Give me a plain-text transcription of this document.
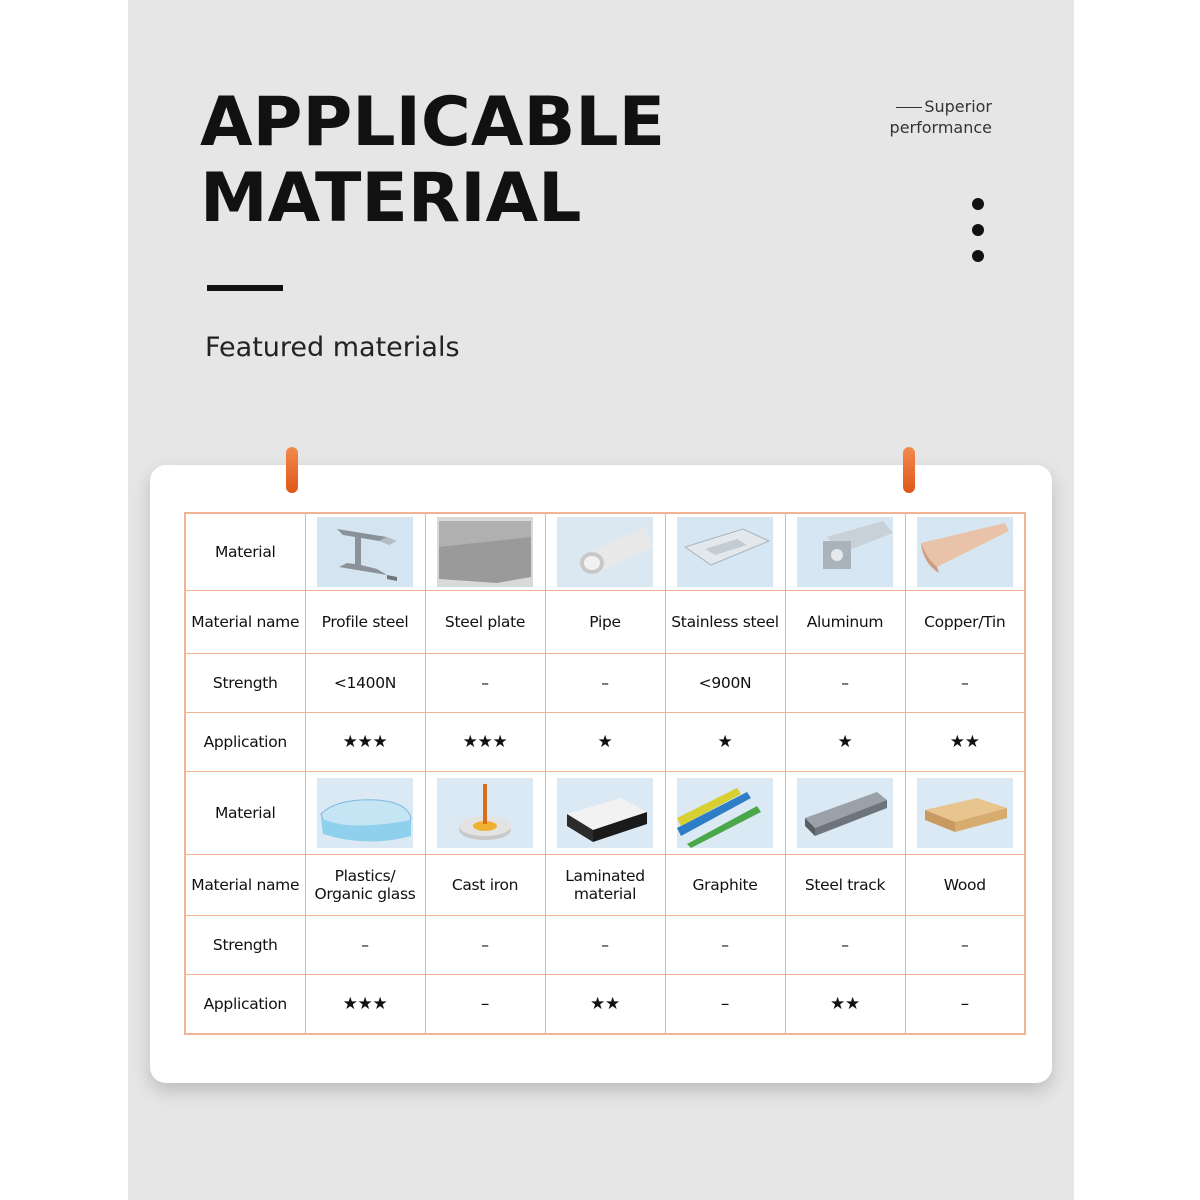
APPLICABLE
MATERIAL
Superior
performance
Featured materials
Material	

Material name	Profile steel	Steel plate	Pipe	Stainless steel	Aluminum	Copper/Tin
Strength	<1400N	–	–	<900N	–	–
Application	★★★	★★★	★	★	★	★★
Material	

Material name	Plastics/ Organic glass	Cast iron	Laminated material	Graphite	Steel track	Wood
Strength	–	–	–	–	–	–
Application	★★★	–	★★	–	★★	–
